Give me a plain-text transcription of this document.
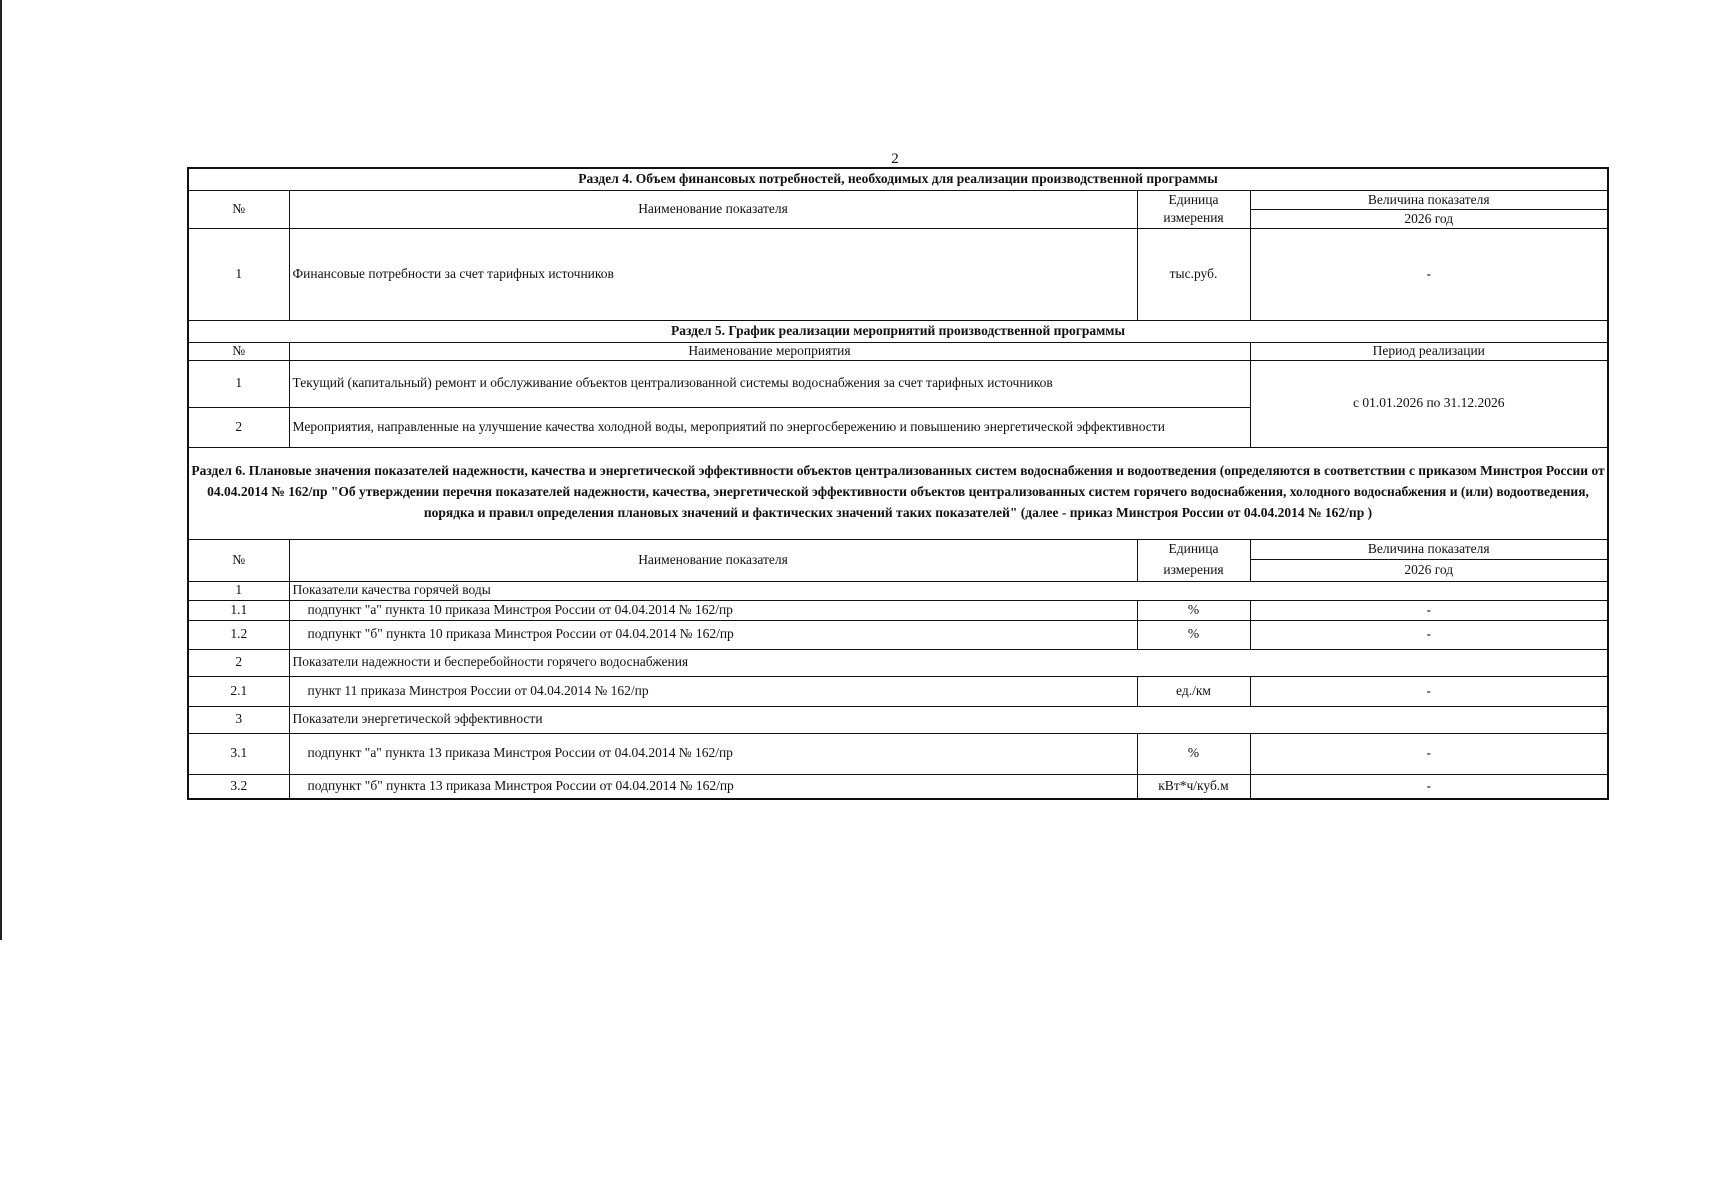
2
Раздел 4. Объем финансовых потребностей, необходимых для реализации производственной программы			
№	Наименование показателя	Единица	Величина показателя
		измерения	2026 год
1	Финансовые потребности за счет тарифных источников	тыс.руб.	-
Раздел 5. График реализации мероприятий производственной программы			
№	Наименование мероприятия		Период реализации
1	Текущий (капитальный) ремонт и обслуживание объектов централизованной системы водоснабжения за счет тарифных источников		с 01.01.2026 по 31.12.2026
2	Мероприятия, направленные на улучшение качества холодной воды, мероприятий по энергосбережению и повышению энергетической эффективности		
Раздел 6. Плановые значения показателей надежности, качества и энергетической эффективности объектов централизованных систем водоснабжения и водоотведения (определяются в соответствии с приказом Минстроя России от 04.04.2014 № 162/пр "Об утверждении перечня показателей надежности, качества, энергетической эффективности объектов централизованных систем горячего водоснабжения, холодного водоснабжения и (или) водоотведения, порядка и правил определения плановых значений и фактических значений таких показателей" (далее - приказ Минстроя России от 04.04.2014 № 162/пр )			
№	Наименование показателя	Единица	Величина показателя
		измерения	2026 год
1	Показатели качества горячей воды		
1.1	подпункт "а" пункта 10 приказа Минстроя России от 04.04.2014 № 162/пр	%	-
1.2	подпункт "б" пункта 10 приказа Минстроя России от 04.04.2014 № 162/пр	%	-
2	Показатели надежности и бесперебойности горячего водоснабжения		
2.1	пункт 11 приказа Минстроя России от 04.04.2014 № 162/пр	ед./км	-
3	Показатели энергетической эффективности		
3.1	подпункт "а" пункта 13 приказа Минстроя России от 04.04.2014 № 162/пр	%	-
3.2	подпункт "б" пункта 13 приказа Минстроя России от 04.04.2014 № 162/пр	кВт*ч/куб.м	-
